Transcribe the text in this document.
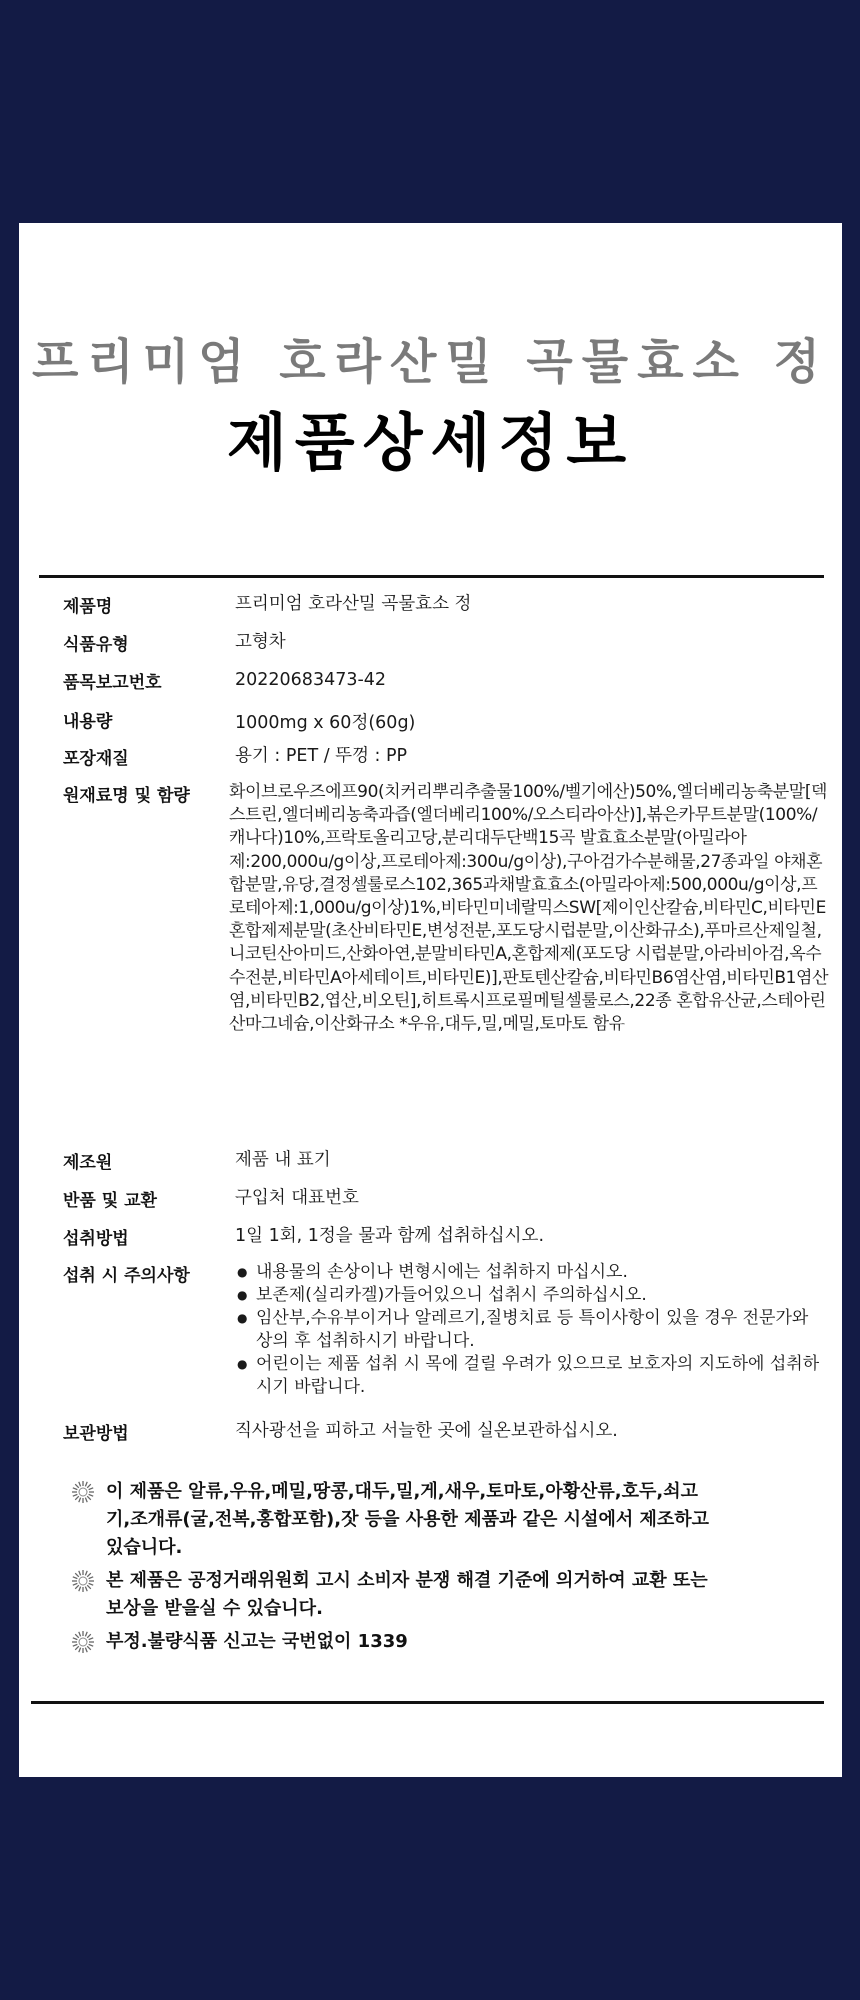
프리미엄 호라산밀 곡물효소 정
제품상세정보
제품명	프리미엄 호라산밀 곡물효소 정
식품유형	고형차
품목보고번호	20220683473-42
내용량	1000mg x 60정(60g)
포장재질	용기 : PET / 뚜껑 : PP
원재료명 및 함량	화이브로우즈에프90(치커리뿌리추출물100%/벨기에산)50%,엘더베리농축분말[덱스트린,엘더베리농축과즙(엘더베리100%/오스티라아산)],볶은카무트분말(100%/캐나다)10%,프락토올리고당,분리대두단백15곡 발효효소분말(아밀라아제:200,000u/g이상,프로테아제:300u/g이상),구아검가수분해물,27종과일 야채혼합분말,유당,결정셀룰로스102,365과채발효효소(아밀라아제:500,000u/g이상,프로테아제:1,000u/g이상)1%,비타민미네랄믹스SW[제이인산칼슘,비타민C,비타민E혼합제제분말(초산비타민E,변성전분,포도당시럽분말,이산화규소),푸마르산제일철,니코틴산아미드,산화아연,분말비타민A,혼합제제(포도당 시럽분말,아라비아검,옥수수전분,비타민A아세테이트,비타민E)],판토텐산칼슘,비타민B6염산염,비타민B1염산염,비타민B2,엽산,비오틴],히트록시프로필메틸셀룰로스,22종 혼합유산균,스테아린산마그네슘,이산화규소 *우유,대두,밀,메밀,토마토 함유
제조원	제품 내 표기
반품 및 교환	구입처 대표번호
섭취방법	1일 1회, 1정을 물과 함께 섭취하십시오.
섭취 시 주의사항
●	내용물의 손상이나 변형시에는 섭취하지 마십시오.
● 보존제(실리카겔)가들어있으니 섭취시 주의하십시오.
● 임산부,수유부이거나 알레르기,질병치료 등 특이사항이 있을 경우 전문가와 상의 후 섭취하시기 바랍니다.
● 어린이는 제품 섭취 시 목에 걸릴 우려가 있으므로 보호자의 지도하에 섭취하시기 바랍니다.
보관방법	직사광선을 피하고 서늘한 곳에 실온보관하십시오.
이 제품은 알류,우유,메밀,땅콩,대두,밀,게,새우,토마토,아황산류,호두,쇠고기,조개류(굴,전복,홍합포함),잣 등을 사용한 제품과 같은 시설에서 제조하고 있습니다.
본 제품은 공정거래위원회 고시 소비자 분쟁 해결 기준에 의거하여 교환 또는 보상을 받을실 수 있습니다.
부정.불량식품 신고는 국번없이 1339
